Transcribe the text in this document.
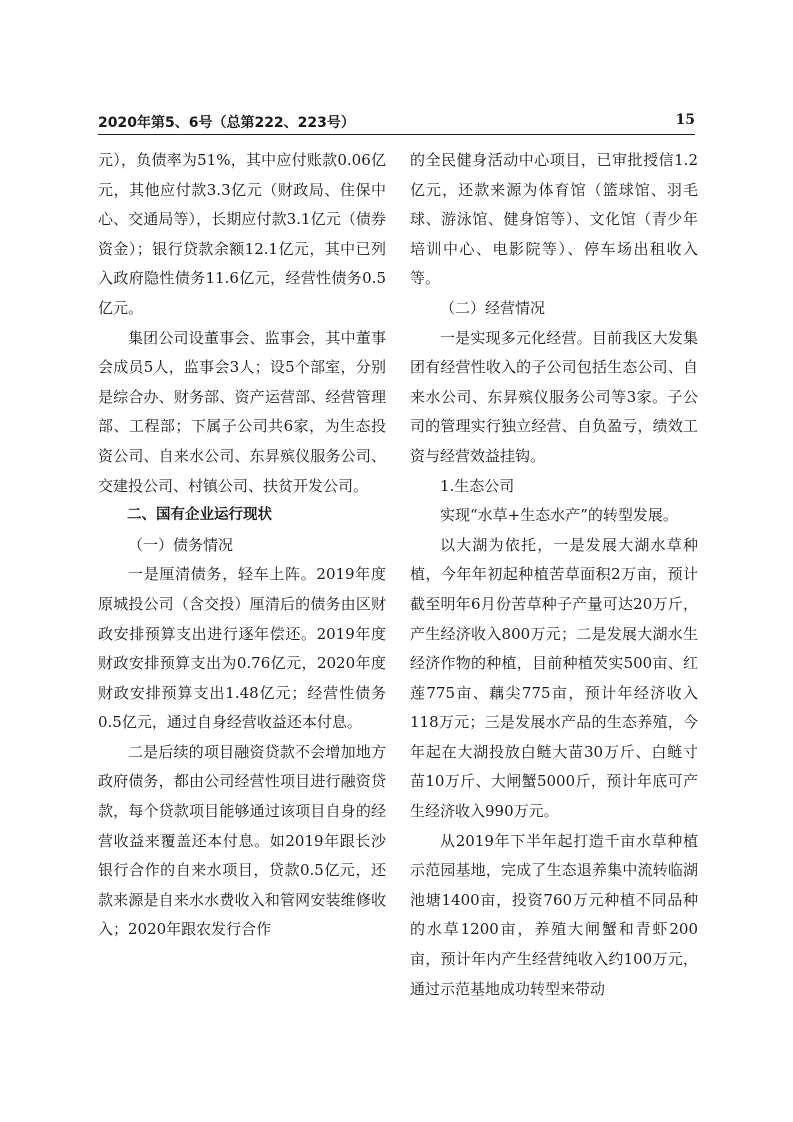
2020年第5、6号（总第222、223号）	15

元），负债率为51%，其中应付账款0.06亿元，其他应付款3.3亿元（财政局、住保中心、交通局等），长期应付款3.1亿元（债券资金）；银行贷款余额12.1亿元，其中已列入政府隐性债务11.6亿元，经营性债务0.5亿元。

集团公司设董事会、监事会，其中董事会成员5人，监事会3人；设5个部室，分别是综合办、财务部、资产运营部、经营管理部、工程部；下属子公司共6家，为生态投资公司、自来水公司、东昇殡仪服务公司、交建投公司、村镇公司、扶贫开发公司。

二、国有企业运行现状

（一）债务情况

一是厘清债务，轻车上阵。2019年度原城投公司（含交投）厘清后的债务由区财政安排预算支出进行逐年偿还。2019年度财政安排预算支出为0.76亿元，2020年度财政安排预算支出1.48亿元；经营性债务0.5亿元，通过自身经营收益还本付息。

二是后续的项目融资贷款不会增加地方政府债务，都由公司经营性项目进行融资贷款，每个贷款项目能够通过该项目自身的经营收益来覆盖还本付息。如2019年跟长沙银行合作的自来水项目，贷款0.5亿元，还款来源是自来水水费收入和管网安装维修收入；2020年跟农发行合作

的全民健身活动中心项目，已审批授信1.2亿元，还款来源为体育馆（篮球馆、羽毛球、游泳馆、健身馆等）、文化馆（青少年培训中心、电影院等）、停车场出租收入等。

（二）经营情况

一是实现多元化经营。目前我区大发集团有经营性收入的子公司包括生态公司、自来水公司、东昇殡仪服务公司等3家。子公司的管理实行独立经营、自负盈亏，绩效工资与经营效益挂钩。

1.生态公司

实现“水草+生态水产”的转型发展。

以大湖为依托，一是发展大湖水草种植，今年年初起种植苦草面积2万亩，预计截至明年6月份苦草种子产量可达20万斤，产生经济收入800万元；二是发展大湖水生经济作物的种植，目前种植芡实500亩、红莲775亩、藕尖775亩，预计年经济收入118万元；三是发展水产品的生态养殖，今年起在大湖投放白鲢大苗30万斤、白鲢寸苗10万斤、大闸蟹5000斤，预计年底可产生经济收入990万元。

从2019年下半年起打造千亩水草种植示范园基地，完成了生态退养集中流转临湖池塘1400亩，投资760万元种植不同品种的水草1200亩，养殖大闸蟹和青虾200亩，预计年内产生经营纯收入约100万元，通过示范基地成功转型来带动
